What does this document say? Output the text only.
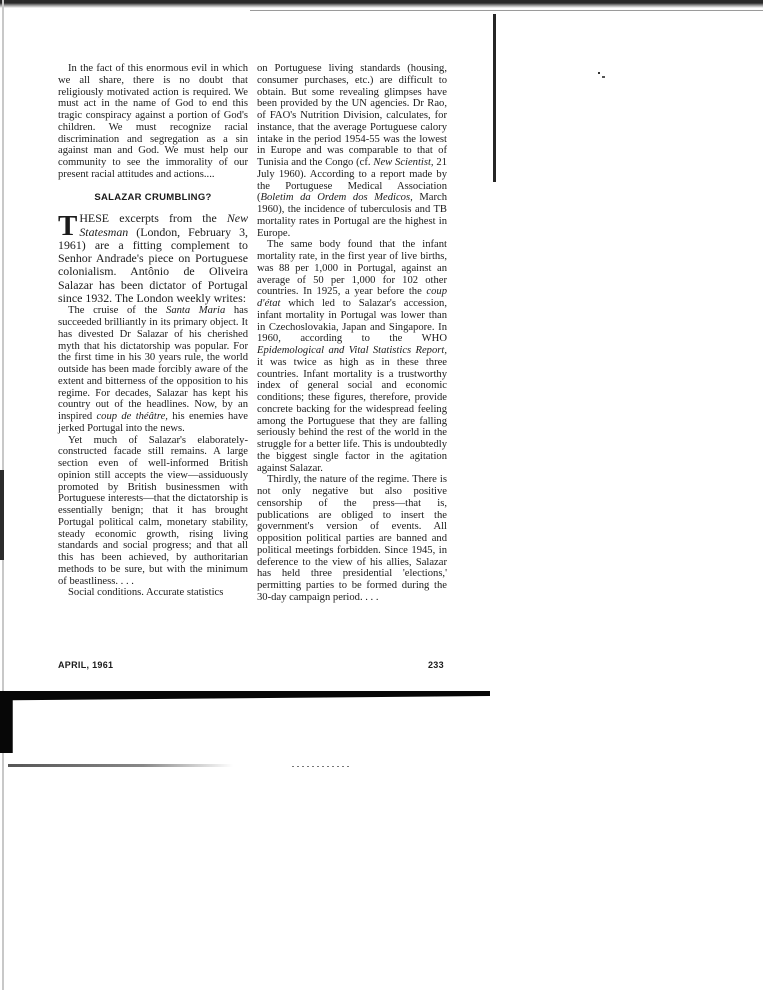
In the fact of this enormous evil in which we all share, there is no doubt that religiously motivated action is required. We must act in the name of God to end this tragic conspiracy against a portion of God's children. We must recognize racial discrimination and segregation as a sin against man and God. We must help our community to see the immorality of our present racial attitudes and actions....

SALAZAR CRUMBLING?

THESE excerpts from the New Statesman (London, February 3, 1961) are a fitting complement to Senhor Andrade's piece on Portuguese colonialism. Antônio de Oliveira Salazar has been dictator of Portugal since 1932. The London weekly writes:

The cruise of the Santa Maria has succeeded brilliantly in its primary object. It has divested Dr Salazar of his cherished myth that his dictatorship was popular. For the first time in his 30 years rule, the world outside has been made forcibly aware of the extent and bitterness of the opposition to his regime. For decades, Salazar has kept his country out of the headlines. Now, by an inspired coup de théâtre, his enemies have jerked Portugal into the news.

Yet much of Salazar's elaborately-constructed facade still remains. A large section even of well-informed British opinion still accepts the view—assiduously promoted by British businessmen with Portuguese interests—that the dictatorship is essentially benign; that it has brought Portugal political calm, monetary stability, steady economic growth, rising living standards and social progress; and that all this has been achieved, by authoritarian methods to be sure, but with the minimum of beastliness. . . .

Social conditions. Accurate statistics

on Portuguese living standards (housing, consumer purchases, etc.) are difficult to obtain. But some revealing glimpses have been provided by the UN agencies. Dr Rao, of FAO's Nutrition Division, calculates, for instance, that the average Portuguese calory intake in the period 1954-55 was the lowest in Europe and was comparable to that of Tunisia and the Congo (cf. New Scientist, 21 July 1960). According to a report made by the Portuguese Medical Association (Boletim da Ordem dos Medicos, March 1960), the incidence of tuberculosis and TB mortality rates in Portugal are the highest in Europe.

The same body found that the infant mortality rate, in the first year of live births, was 88 per 1,000 in Portugal, against an average of 50 per 1,000 for 102 other countries. In 1925, a year before the coup d'état which led to Salazar's accession, infant mortality in Portugal was lower than in Czechoslovakia, Japan and Singapore. In 1960, according to the WHO Epidemological and Vital Statistics Report, it was twice as high as in these three countries. Infant mortality is a trustworthy index of general social and economic conditions; these figures, therefore, provide concrete backing for the widespread feeling among the Portuguese that they are falling seriously behind the rest of the world in the struggle for a better life. This is undoubtedly the biggest single factor in the agitation against Salazar.

Thirdly, the nature of the regime. There is not only negative but also positive censorship of the press—that is, publications are obliged to insert the government's version of events. All opposition political parties are banned and political meetings forbidden. Since 1945, in deference to the view of his allies, Salazar has held three presidential 'elections,' permitting parties to be formed during the 30-day campaign period. . . .

APRIL, 1961	233
